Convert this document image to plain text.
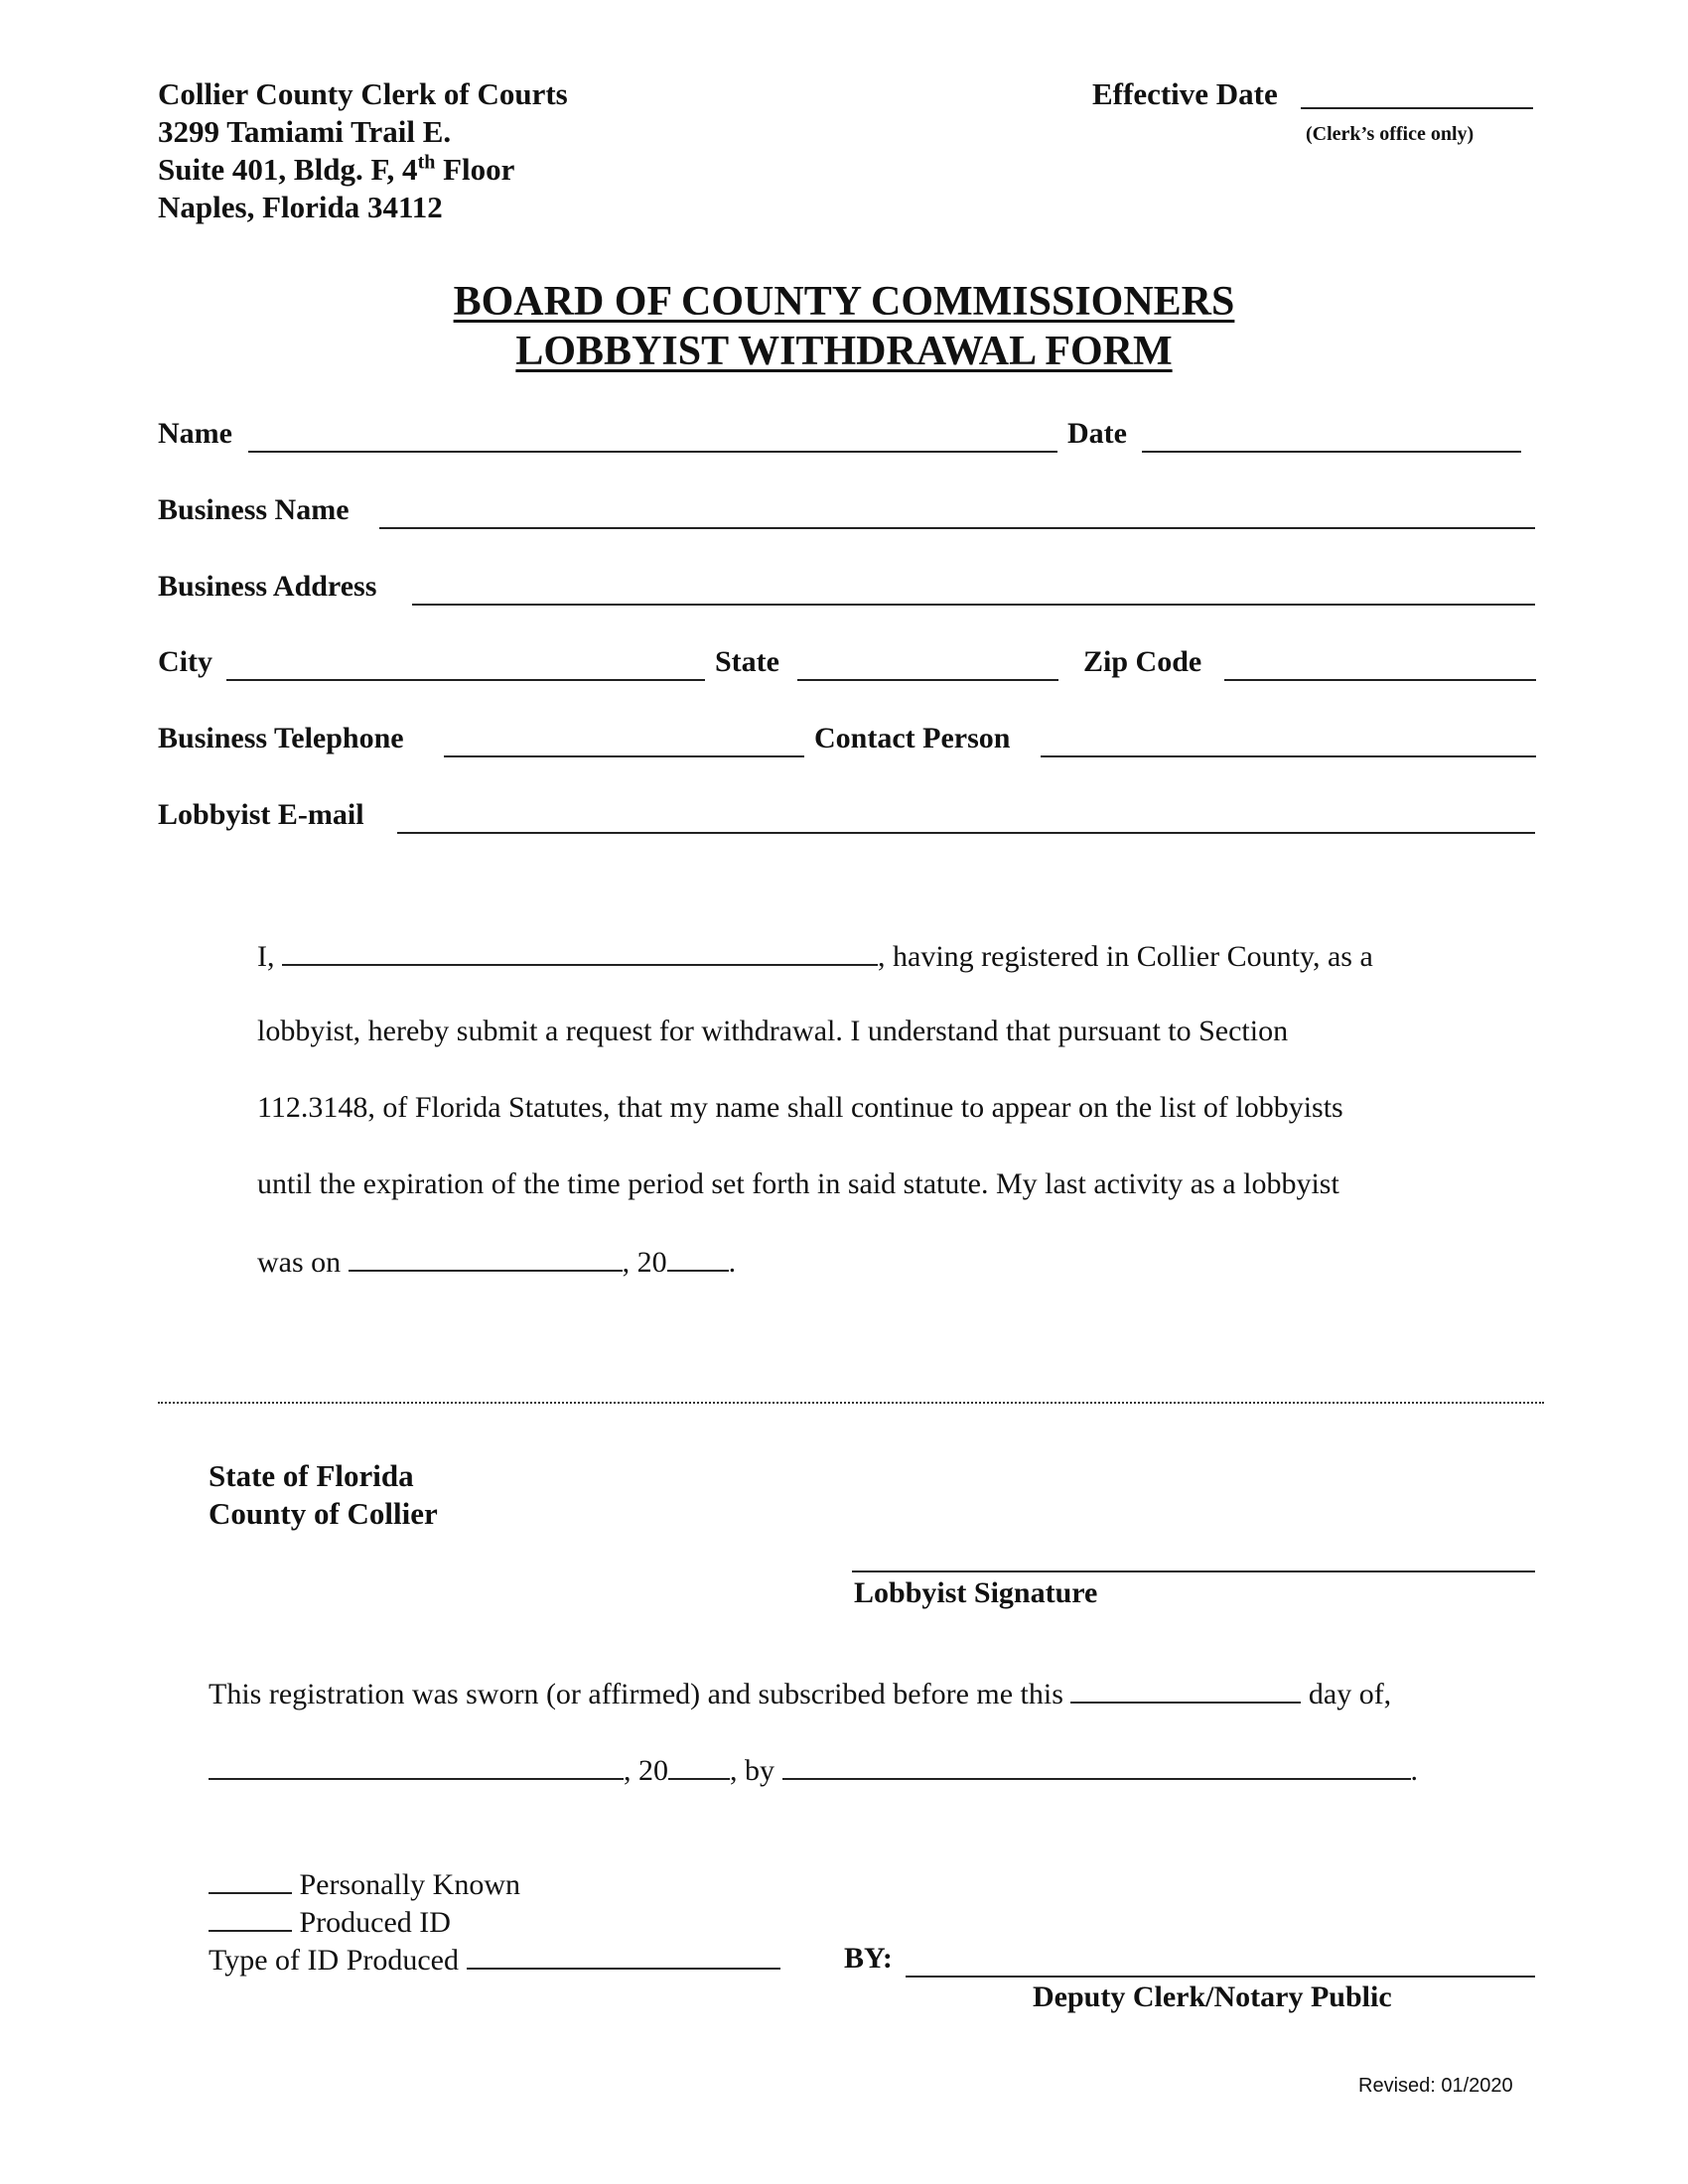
Collier County Clerk of Courts
3299 Tamiami Trail E.
Suite 401, Bldg. F, 4th Floor
Naples, Florida 34112
Effective Date
(Clerk’s office only)
BOARD OF COUNTY COMMISSIONERS
LOBBYIST WITHDRAWAL FORM
Name	Date
Business Name
Business Address
City	State	Zip Code
Business Telephone	Contact Person
Lobbyist E-mail
I,	, having registered in Collier County, as a
lobbyist, hereby submit a request for withdrawal. I understand that pursuant to Section
112.3148, of Florida Statutes, that my name shall continue to appear on the list of lobbyists
until the expiration of the time period set forth in said statute. My last activity as a lobbyist
was on	, 20 .
State of Florida
County of Collier
Lobbyist Signature
This registration was sworn (or affirmed) and subscribed before me this	day of,
, 20 , by	.
Personally Known
Produced ID
Type of ID Produced	BY:
Deputy Clerk/Notary Public
Revised: 01/2020
